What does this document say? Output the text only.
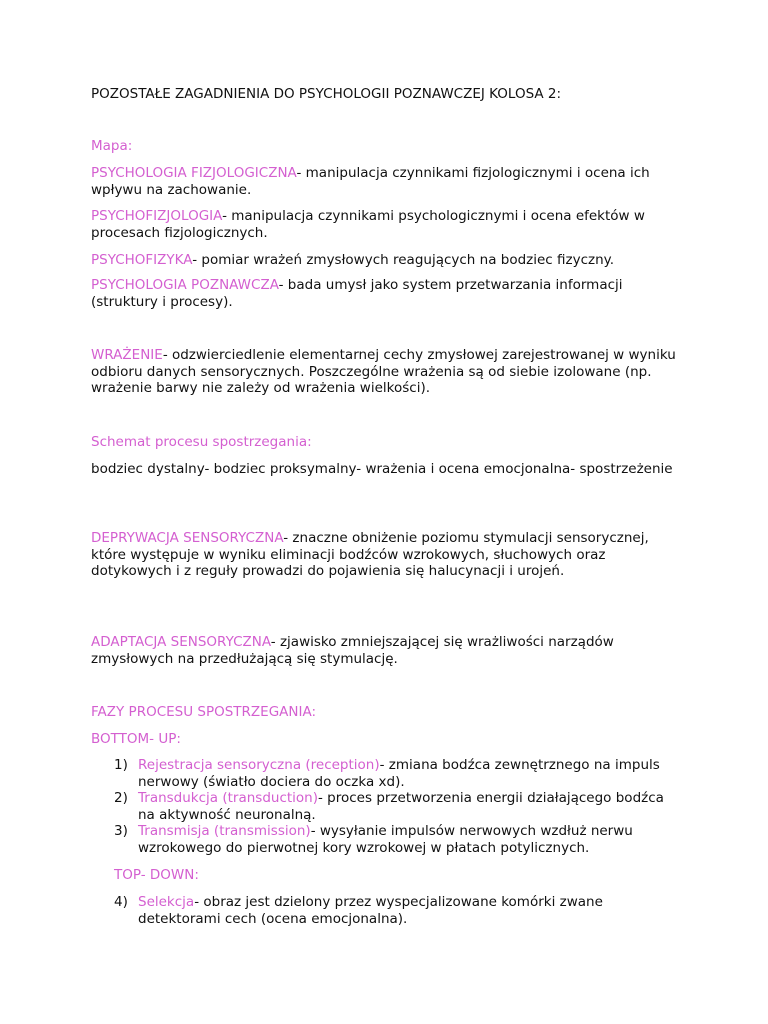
POZOSTAŁE ZAGADNIENIA DO PSYCHOLOGII POZNAWCZEJ KOLOSA 2:

Mapa:

PSYCHOLOGIA FIZJOLOGICZNA- manipulacja czynnikami fizjologicznymi i ocena ich wpływu na zachowanie.

PSYCHOFIZJOLOGIA- manipulacja czynnikami psychologicznymi i ocena efektów w procesach fizjologicznych.

PSYCHOFIZYKA- pomiar wrażeń zmysłowych reagujących na bodziec fizyczny.

PSYCHOLOGIA POZNAWCZA- bada umysł jako system przetwarzania informacji (struktury i procesy).

WRAŻENIE- odzwierciedlenie elementarnej cechy zmysłowej zarejestrowanej w wyniku odbioru danych sensorycznych. Poszczególne wrażenia są od siebie izolowane (np. wrażenie barwy nie zależy od wrażenia wielkości).

Schemat procesu spostrzegania:

bodziec dystalny- bodziec proksymalny- wrażenia i ocena emocjonalna- spostrzeżenie

DEPRYWACJA SENSORYCZNA- znaczne obniżenie poziomu stymulacji sensorycznej, które występuje w wyniku eliminacji bodźców wzrokowych, słuchowych oraz dotykowych i z reguły prowadzi do pojawienia się halucynacji i urojeń.

ADAPTACJA SENSORYCZNA- zjawisko zmniejszającej się wrażliwości narządów zmysłowych na przedłużającą się stymulację.

FAZY PROCESU SPOSTRZEGANIA:

BOTTOM- UP:

1) Rejestracja sensoryczna (reception)- zmiana bodźca zewnętrznego na impuls nerwowy (światło dociera do oczka xd).
2) Transdukcja (transduction)- proces przetworzenia energii działającego bodźca na aktywność neuronalną.
3) Transmisja (transmission)- wysyłanie impulsów nerwowych wzdłuż nerwu wzrokowego do pierwotnej kory wzrokowej w płatach potylicznych.

TOP- DOWN:

4) Selekcja- obraz jest dzielony przez wyspecjalizowane komórki zwane detektorami cech (ocena emocjonalna).
